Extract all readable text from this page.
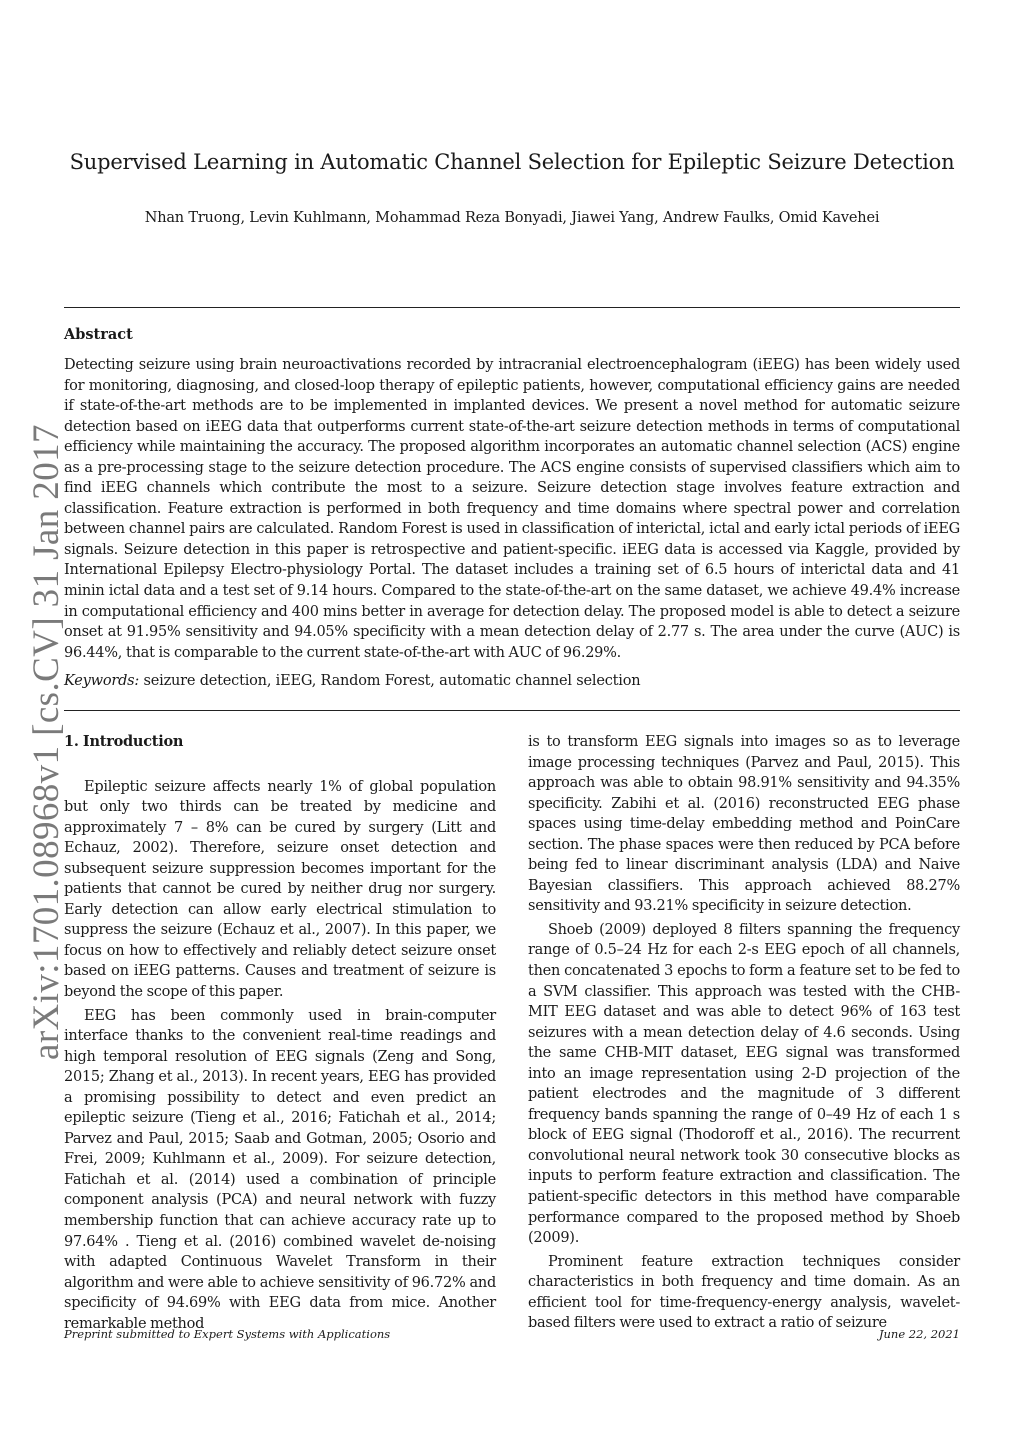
Supervised Learning in Automatic Channel Selection for Epileptic Seizure Detection
Nhan Truong, Levin Kuhlmann, Mohammad Reza Bonyadi, Jiawei Yang, Andrew Faulks, Omid Kavehei
Abstract

Detecting seizure using brain neuroactivations recorded by intracranial electroencephalogram (iEEG) has been widely used for monitoring, diagnosing, and closed-loop therapy of epileptic patients, however, computational efficiency gains are needed if state-of-the-art methods are to be implemented in implanted devices. We present a novel method for automatic seizure detection based on iEEG data that outperforms current state-of-the-art seizure detection methods in terms of computational efficiency while maintaining the accuracy. The proposed algorithm incorporates an automatic channel selection (ACS) engine as a pre-processing stage to the seizure detection procedure. The ACS engine consists of supervised classifiers which aim to find iEEG channels which contribute the most to a seizure. Seizure detection stage involves feature extraction and classification. Feature extraction is performed in both frequency and time domains where spectral power and correlation between channel pairs are calculated. Random Forest is used in classification of interictal, ictal and early ictal periods of iEEG signals. Seizure detection in this paper is retrospective and patient-specific. iEEG data is accessed via Kaggle, provided by International Epilepsy Electro-physiology Portal. The dataset includes a training set of 6.5 hours of interictal data and 41 minin ictal data and a test set of 9.14 hours. Compared to the state-of-the-art on the same dataset, we achieve 49.4% increase in computational efficiency and 400 mins better in average for detection delay. The proposed model is able to detect a seizure onset at 91.95% sensitivity and 94.05% specificity with a mean detection delay of 2.77 s. The area under the curve (AUC) is 96.44%, that is comparable to the current state-of-the-art with AUC of 96.29%.

Keywords: seizure detection, iEEG, Random Forest, automatic channel selection
arXiv:1701.08968v1 [cs.CV] 31 Jan 2017
1. Introduction

Epileptic seizure affects nearly 1% of global population but only two thirds can be treated by medicine and approximately 7 – 8% can be cured by surgery (Litt and Echauz, 2002). Therefore, seizure onset detection and subsequent seizure suppression becomes important for the patients that cannot be cured by neither drug nor surgery. Early detection can allow early electrical stimulation to suppress the seizure (Echauz et al., 2007). In this paper, we focus on how to effectively and reliably detect seizure onset based on iEEG patterns. Causes and treatment of seizure is beyond the scope of this paper.

EEG has been commonly used in brain-computer interface thanks to the convenient real-time readings and high temporal resolution of EEG signals (Zeng and Song, 2015; Zhang et al., 2013). In recent years, EEG has provided a promising possibility to detect and even predict an epileptic seizure (Tieng et al., 2016; Fatichah et al., 2014; Parvez and Paul, 2015; Saab and Gotman, 2005; Osorio and Frei, 2009; Kuhlmann et al., 2009). For seizure detection, Fatichah et al. (2014) used a combination of principle component analysis (PCA) and neural network with fuzzy membership function that can achieve accuracy rate up to 97.64% . Tieng et al. (2016) combined wavelet de-noising with adapted Continuous Wavelet Transform in their algorithm and were able to achieve sensitivity of 96.72% and specificity of 94.69% with EEG data from mice. Another remarkable method

is to transform EEG signals into images so as to leverage image processing techniques (Parvez and Paul, 2015). This approach was able to obtain 98.91% sensitivity and 94.35% specificity. Zabihi et al. (2016) reconstructed EEG phase spaces using time-delay embedding method and PoinCare section. The phase spaces were then reduced by PCA before being fed to linear discriminant analysis (LDA) and Naive Bayesian classifiers. This approach achieved 88.27% sensitivity and 93.21% specificity in seizure detection.

Shoeb (2009) deployed 8 filters spanning the frequency range of 0.5–24 Hz for each 2-s EEG epoch of all channels, then concatenated 3 epochs to form a feature set to be fed to a SVM classifier. This approach was tested with the CHB-MIT EEG dataset and was able to detect 96% of 163 test seizures with a mean detection delay of 4.6 seconds. Using the same CHB-MIT dataset, EEG signal was transformed into an image representation using 2-D projection of the patient electrodes and the magnitude of 3 different frequency bands spanning the range of 0–49 Hz of each 1 s block of EEG signal (Thodoroff et al., 2016). The recurrent convolutional neural network took 30 consecutive blocks as inputs to perform feature extraction and classification. The patient-specific detectors in this method have comparable performance compared to the proposed method by Shoeb (2009).

Prominent feature extraction techniques consider characteristics in both frequency and time domain. As an efficient tool for time-frequency-energy analysis, wavelet-based filters were used to extract a ratio of seizure

Preprint submitted to Expert Systems with Applications	June 22, 2021
